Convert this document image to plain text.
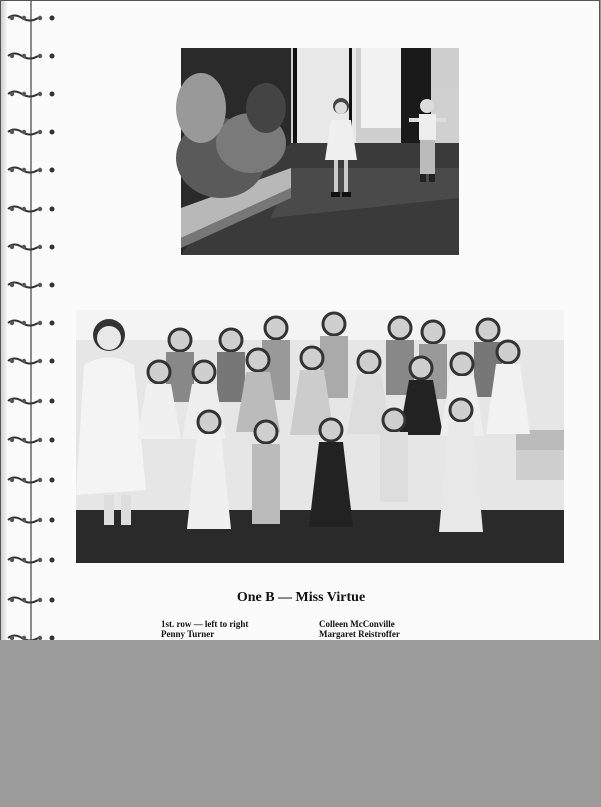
One B — Miss Virtue
1st. row — left to right
Penny Turner
Colleen McConville
Margaret Reistroffer
